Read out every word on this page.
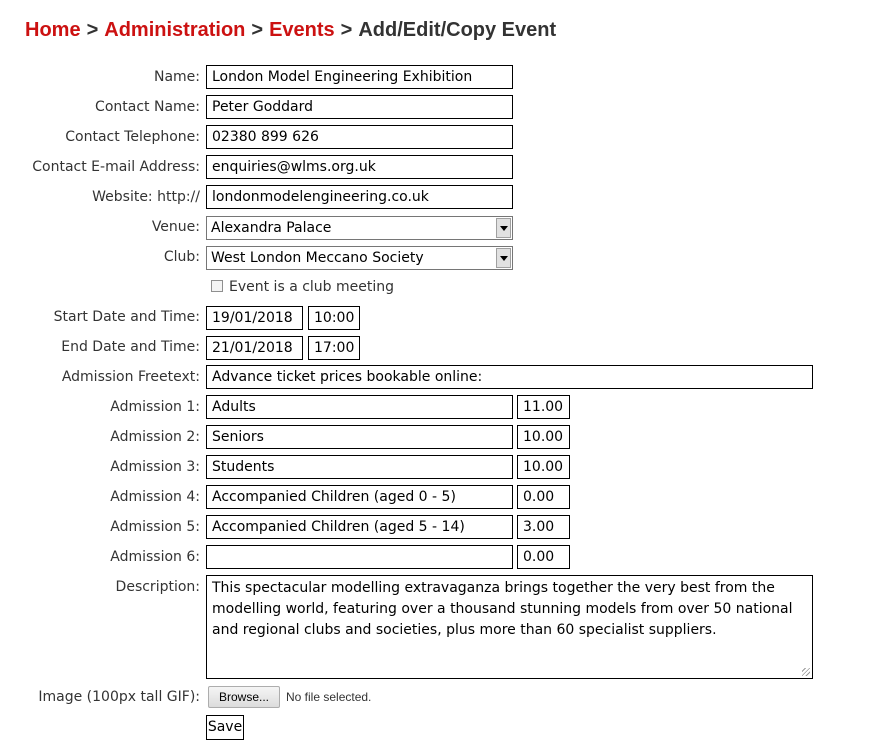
Home > Administration > Events > Add/Edit/Copy Event
Name: London Model Engineering Exhibition
Contact Name: Peter Goddard
Contact Telephone: 02380 899 626
Contact E-mail Address: enquiries@wlms.org.uk
Website: http:// londonmodelengineering.co.uk
Venue: Alexandra Palace
Club: West London Meccano Society
Event is a club meeting
Start Date and Time: 19/01/2018	10:00
End Date and Time: 21/01/2018	17:00
Admission Freetext: Advance ticket prices bookable online:
Admission 1: Adults	11.00
Admission 2: Seniors	10.00
Admission 3: Students	10.00
Admission 4: Accompanied Children (aged 0 - 5)	0.00
Admission 5: Accompanied Children (aged 5 - 14)	3.00
Admission 6:	0.00
Description: This spectacular modelling extravaganza brings together the very best from the modelling world, featuring over a thousand stunning models from over 50 national and regional clubs and societies, plus more than 60 specialist suppliers.
Image (100px tall GIF):	Browse...	No file selected.
Save
